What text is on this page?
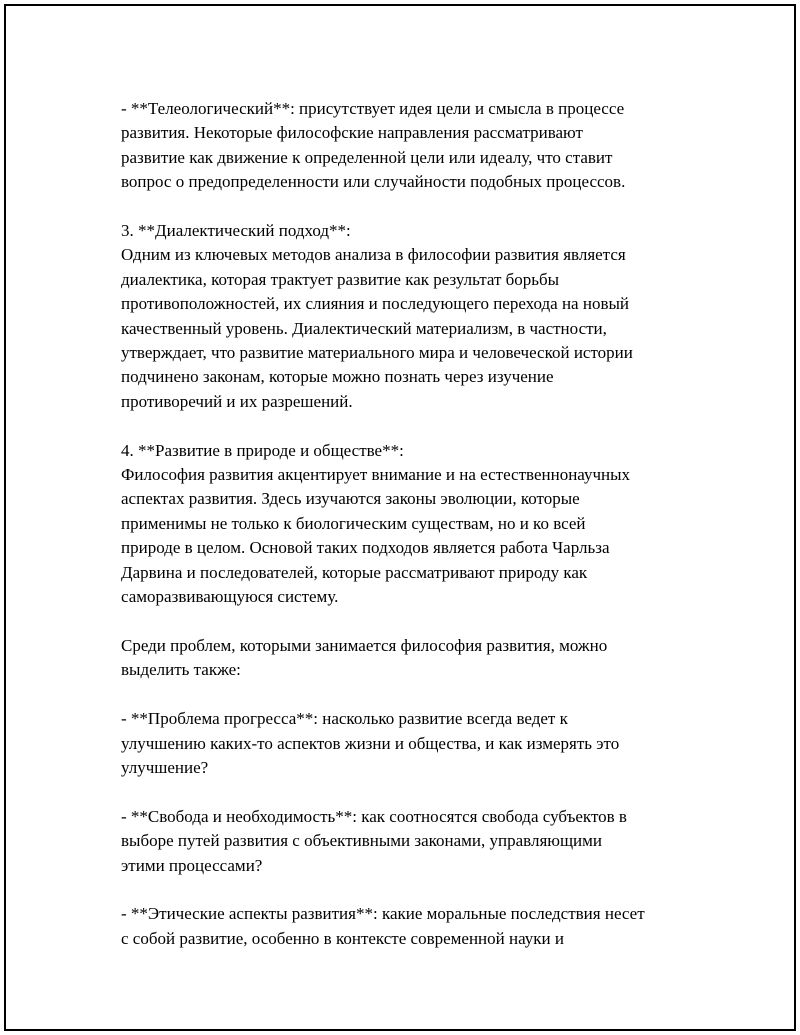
- **Телеологический**: присутствует идея цели и смысла в процессе
развития. Некоторые философские направления рассматривают
развитие как движение к определенной цели или идеалу, что ставит
вопрос о предопределенности или случайности подобных процессов.

3. **Диалектический подход**:
Одним из ключевых методов анализа в философии развития является
диалектика, которая трактует развитие как результат борьбы
противоположностей, их слияния и последующего перехода на новый
качественный уровень. Диалектический материализм, в частности,
утверждает, что развитие материального мира и человеческой истории
подчинено законам, которые можно познать через изучение
противоречий и их разрешений.

4. **Развитие в природе и обществе**:
Философия развития акцентирует внимание и на естественнонаучных
аспектах развития. Здесь изучаются законы эволюции, которые
применимы не только к биологическим существам, но и ко всей
природе в целом. Основой таких подходов является работа Чарльза
Дарвина и последователей, которые рассматривают природу как
саморазвивающуюся систему.

Среди проблем, которыми занимается философия развития, можно
выделить также:

- **Проблема прогресса**: насколько развитие всегда ведет к
улучшению каких-то аспектов жизни и общества, и как измерять это
улучшение?

- **Свобода и необходимость**: как соотносятся свобода субъектов в
выборе путей развития с объективными законами, управляющими
этими процессами?

- **Этические аспекты развития**: какие моральные последствия несет
с собой развитие, особенно в контексте современной науки и
